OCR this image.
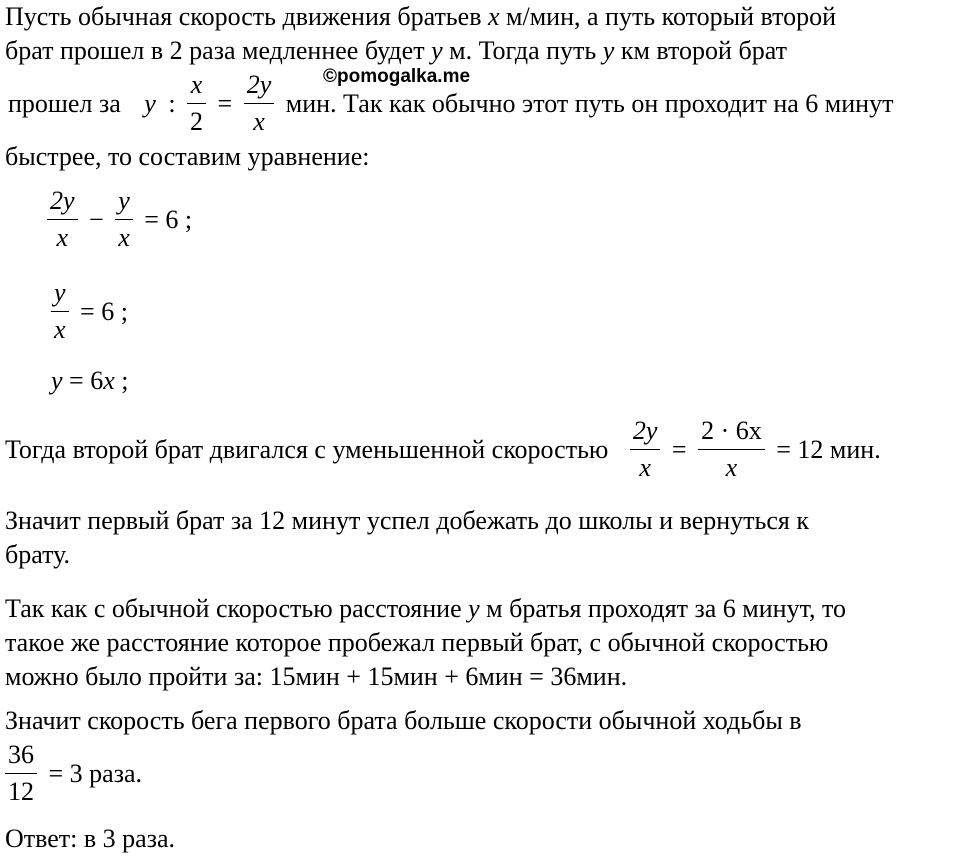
Пусть обычная скорость движения братьев x м/мин, а путь который второй
брат прошел в 2 раза медленнее будет y м. Тогда путь y км второй брат
прошел за y : $\frac{x}{2} = \frac{2y}{x}$ мин. Так как обычно этот путь он проходит на 6 минут
©pomogalka.me
быстрее, то составим уравнение:
$\frac{2y}{x} - \frac{y}{x} = 6$ ;
$\frac{y}{x} = 6$ ;
y = 6x ;
Тогда второй брат двигался с уменьшенной скоростью $\frac{2y}{x} = \frac{2 \cdot 6x}{x} = 12$ мин.
Значит первый брат за 12 минут успел добежать до школы и вернуться к
брату.
Так как с обычной скоростью расстояние y м братья проходят за 6 минут, то
такое же расстояние которое пробежал первый брат, с обычной скоростью
можно было пройти за: 15мин + 15мин + 6мин = 36мин.
Значит скорость бега первого брата больше скорости обычной ходьбы в
$\frac{36}{12} = 3$ раза.
Ответ: в 3 раза.
